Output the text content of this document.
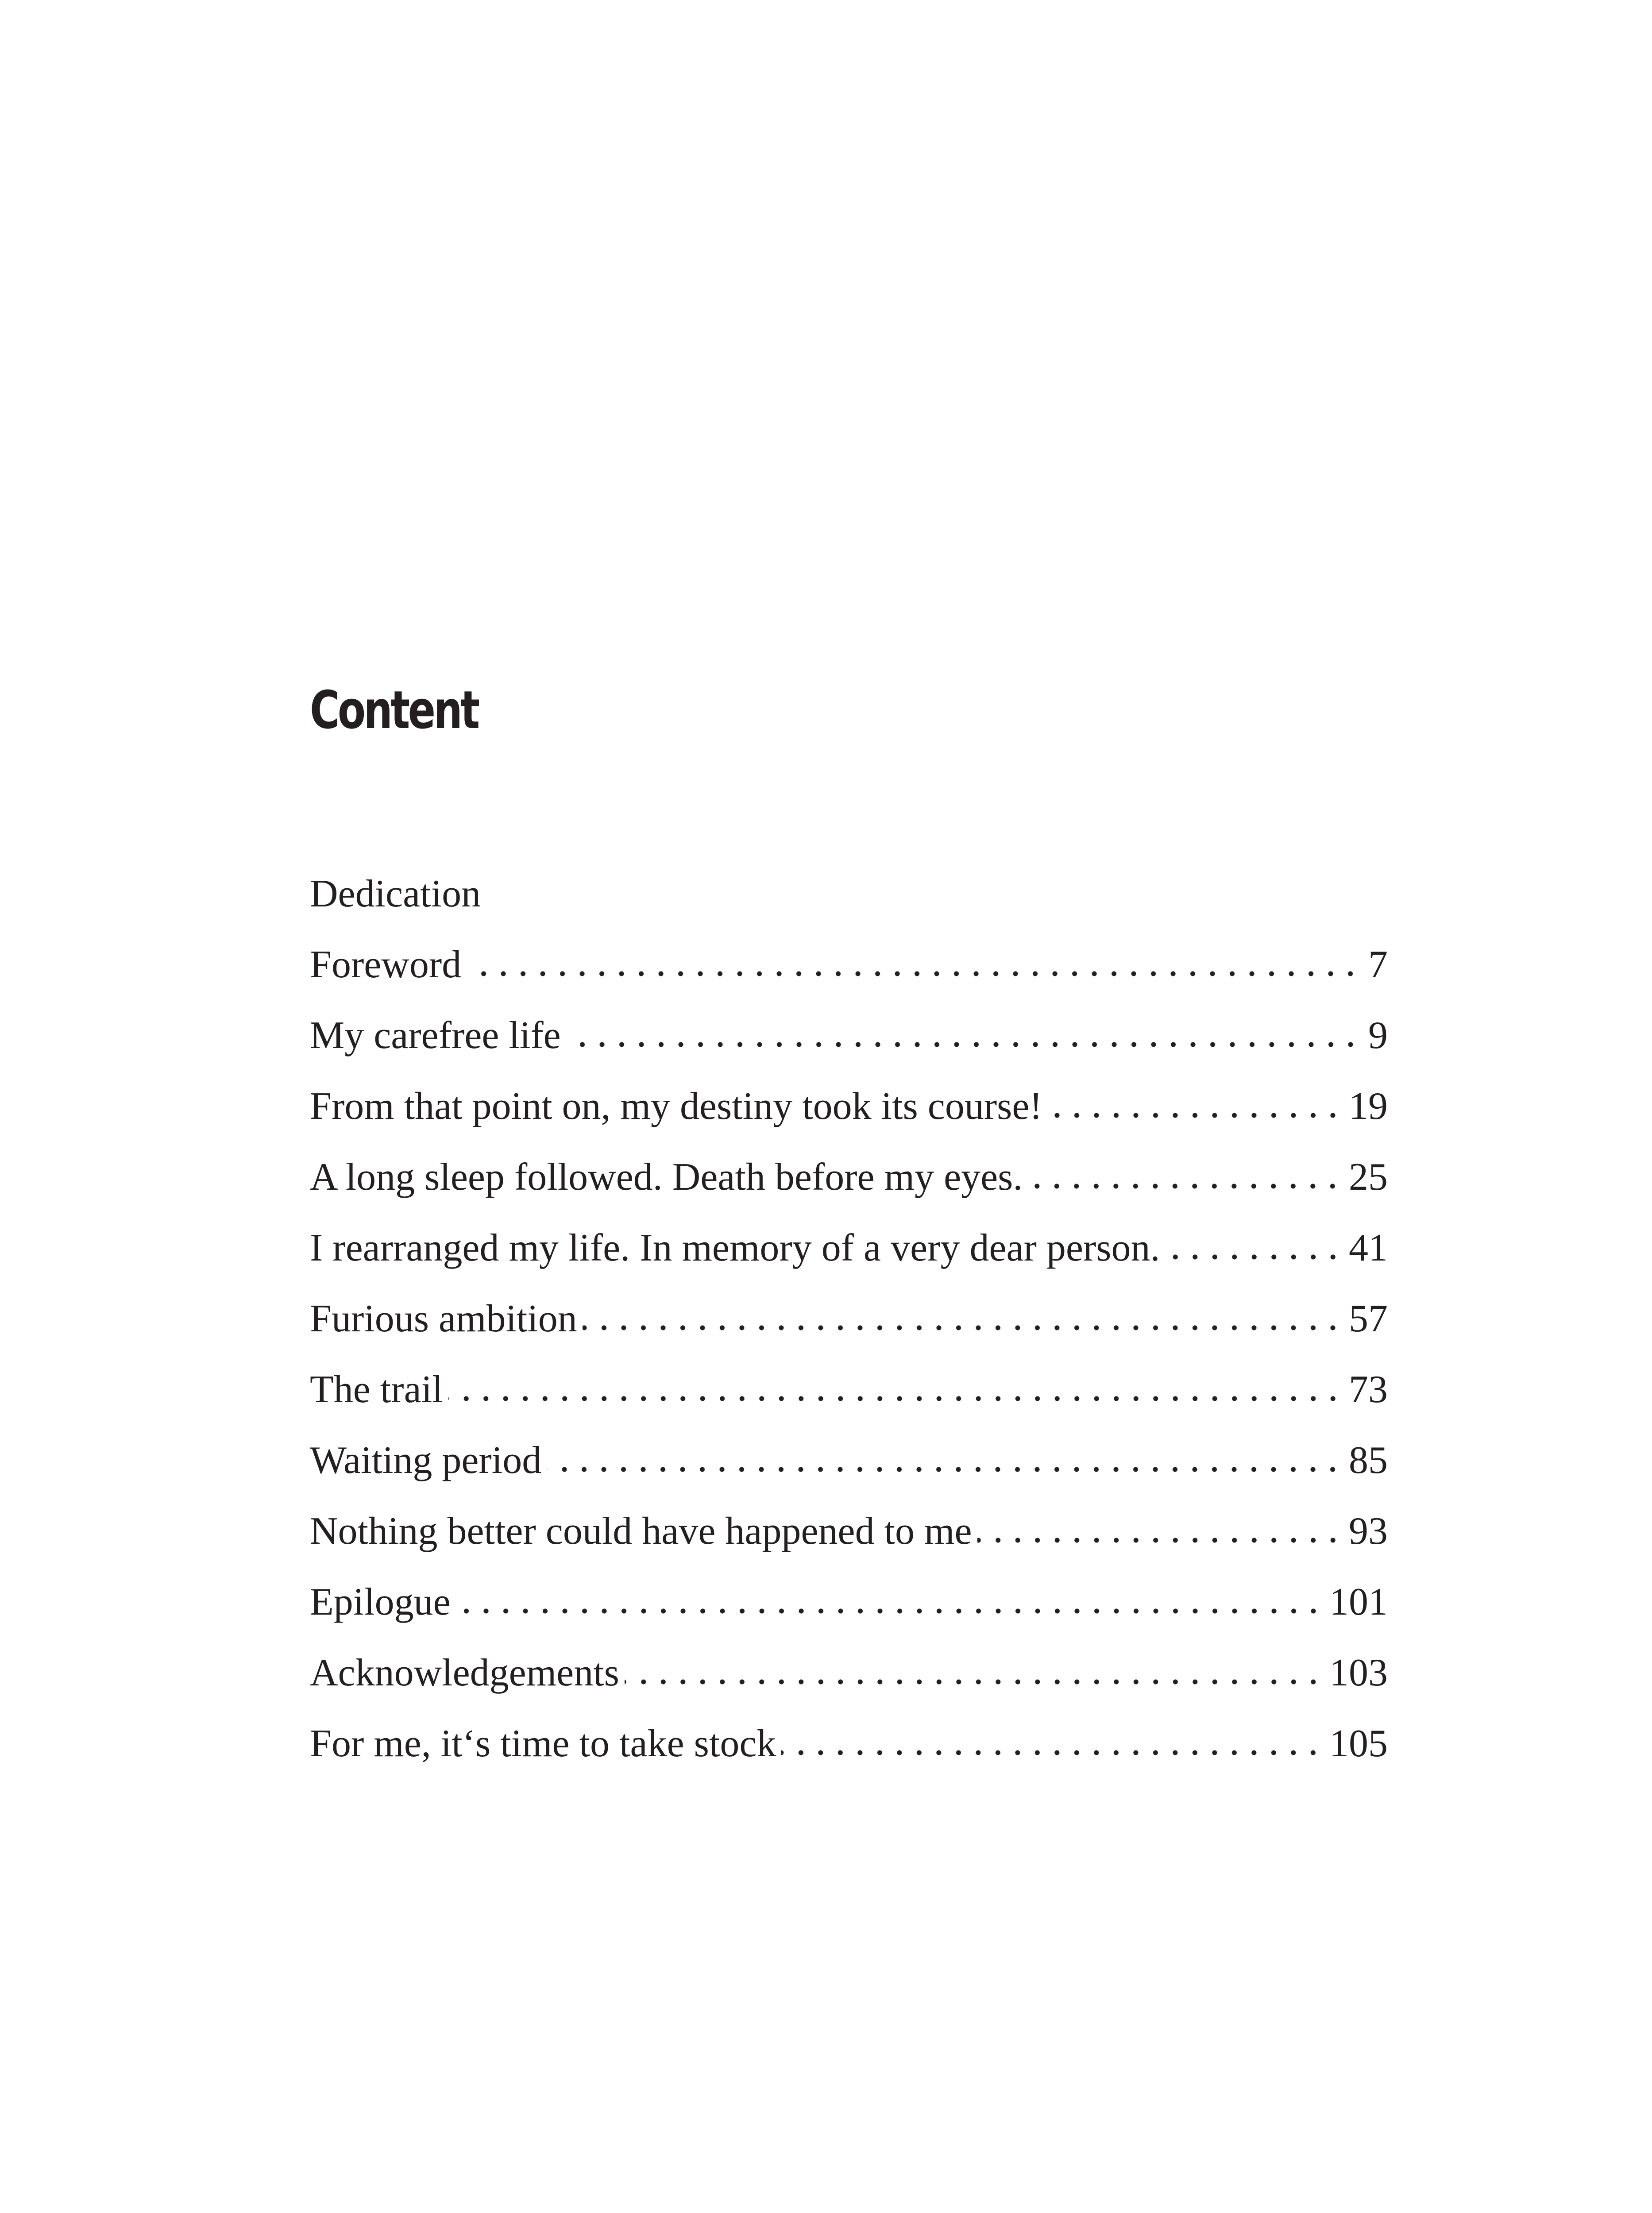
Content
Dedication
Foreword	7
My carefree life	9
From that point on, my destiny took its course!	19
A long sleep followed. Death before my eyes.	25
I rearranged my life. In memory of a very dear person.	41
Furious ambition	57
The trail	73
Waiting period	85
Nothing better could have happened to me	93
Epilogue	101
Acknowledgements	103
For me, it‘s time to take stock	105
